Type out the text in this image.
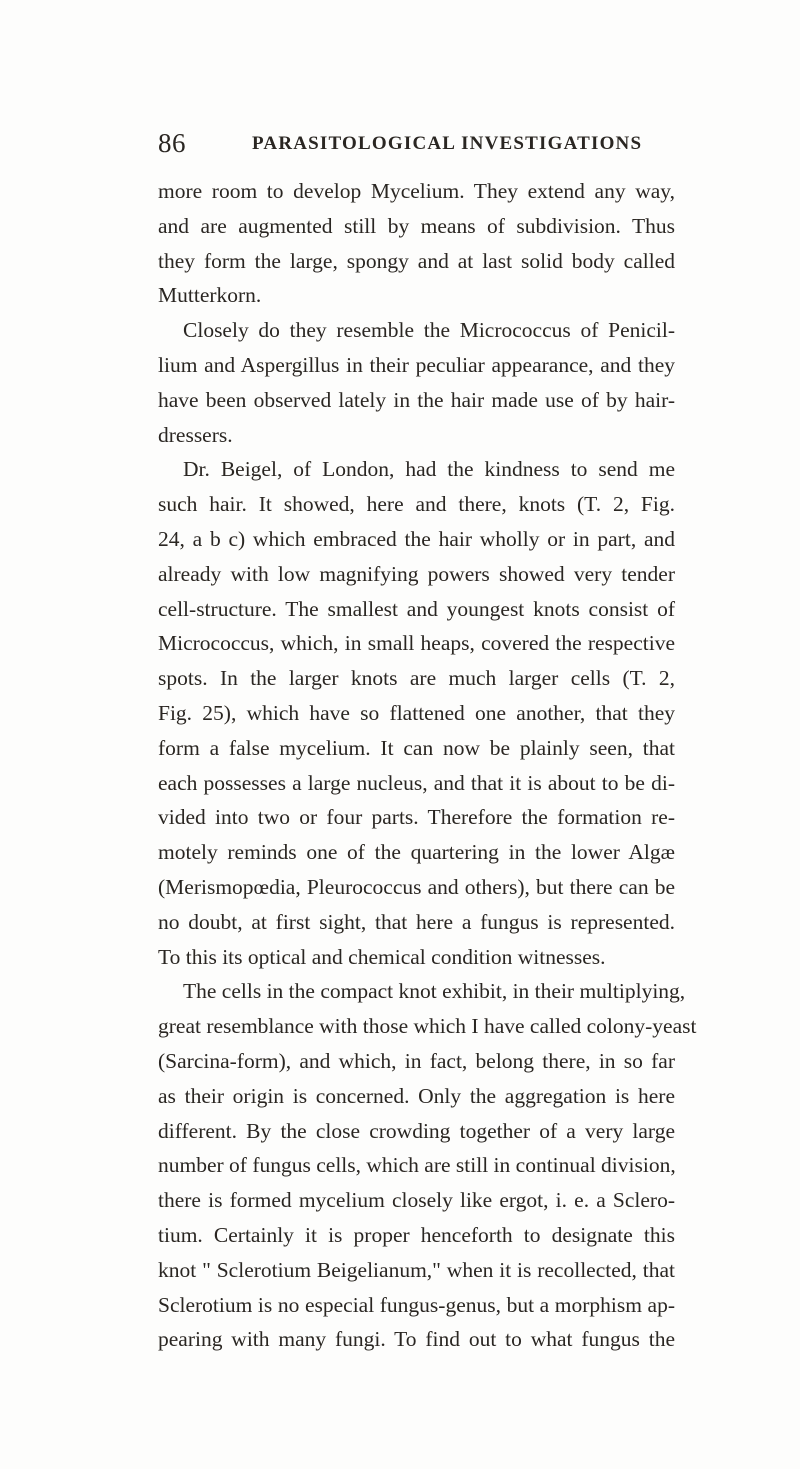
86	PARASITOLOGICAL INVESTIGATIONS
more room to develop Mycelium. They extend any way,
and are augmented still by means of subdivision. Thus
they form the large, spongy and at last solid body called
Mutterkorn.
Closely do they resemble the Micrococcus of Penicil-
lium and Aspergillus in their peculiar appearance, and they
have been observed lately in the hair made use of by hair-
dressers.
Dr. Beigel, of London, had the kindness to send me
such hair. It showed, here and there, knots (T. 2, Fig.
24, a b c) which embraced the hair wholly or in part, and
already with low magnifying powers showed very tender
cell-structure. The smallest and youngest knots consist of
Micrococcus, which, in small heaps, covered the respective
spots. In the larger knots are much larger cells (T. 2,
Fig. 25), which have so flattened one another, that they
form a false mycelium. It can now be plainly seen, that
each possesses a large nucleus, and that it is about to be di-
vided into two or four parts. Therefore the formation re-
motely reminds one of the quartering in the lower Algæ
(Merismopœdia, Pleurococcus and others), but there can be
no doubt, at first sight, that here a fungus is represented.
To this its optical and chemical condition witnesses.
The cells in the compact knot exhibit, in their multiplying,
great resemblance with those which I have called colony-yeast
(Sarcina-form), and which, in fact, belong there, in so far
as their origin is concerned. Only the aggregation is here
different. By the close crowding together of a very large
number of fungus cells, which are still in continual division,
there is formed mycelium closely like ergot, i. e. a Sclero-
tium. Certainly it is proper henceforth to designate this
knot " Sclerotium Beigelianum," when it is recollected, that
Sclerotium is no especial fungus-genus, but a morphism ap-
pearing with many fungi. To find out to what fungus the
